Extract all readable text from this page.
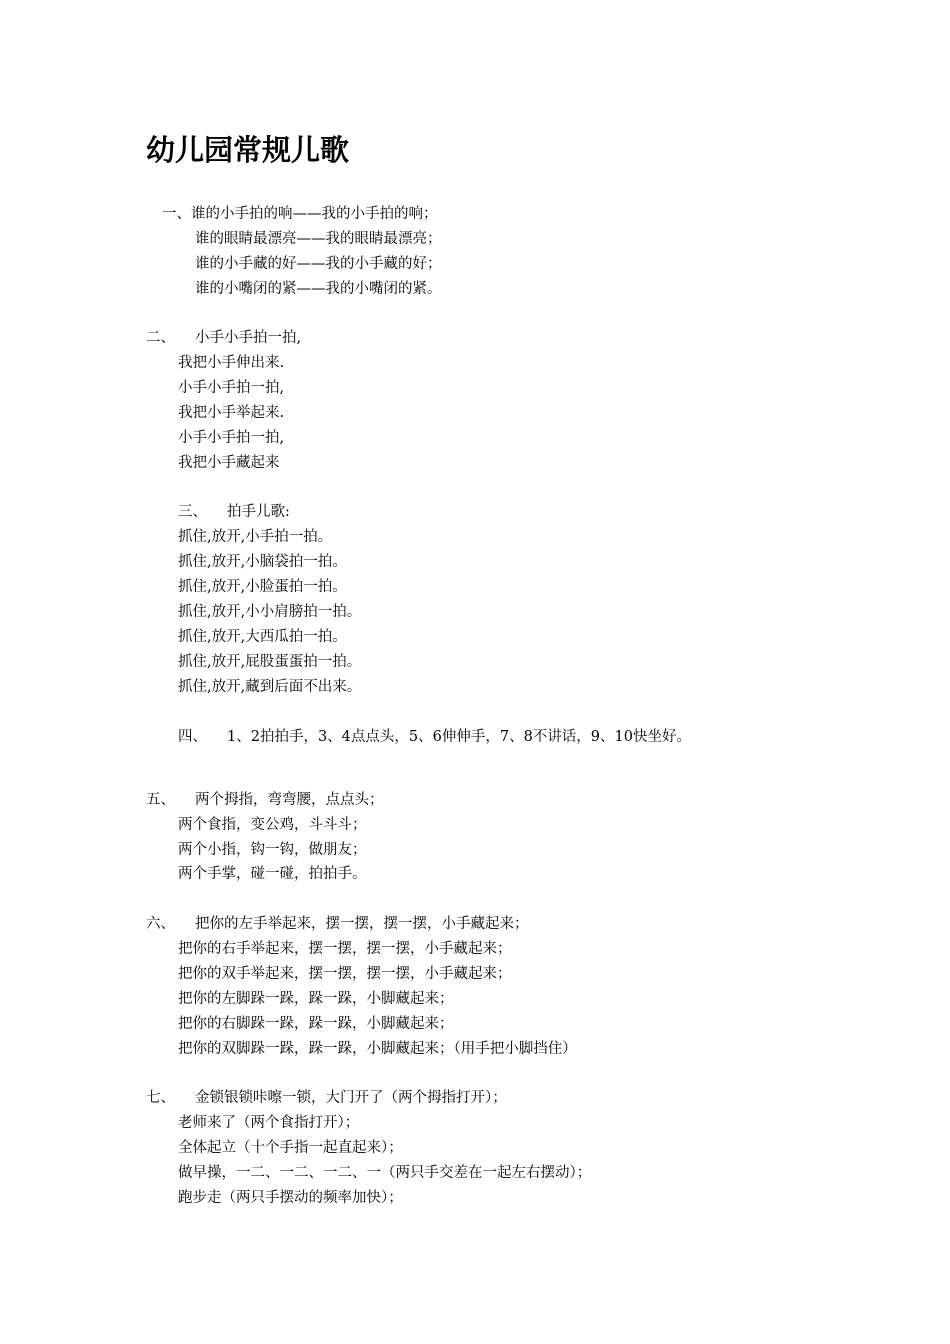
幼儿园常规儿歌
一、谁的小手拍的响——我的小手拍的响；
谁的眼睛最漂亮——我的眼睛最漂亮；
谁的小手藏的好——我的小手藏的好；
谁的小嘴闭的紧——我的小嘴闭的紧。
二、 小手小手拍一拍,
我把小手伸出来.
小手小手拍一拍,
我把小手举起来.
小手小手拍一拍,
我把小手藏起来
三、 拍手儿歌:
抓住,放开,小手拍一拍。
抓住,放开,小脑袋拍一拍。
抓住,放开,小脸蛋拍一拍。
抓住,放开,小小肩膀拍一拍。
抓住,放开,大西瓜拍一拍。
抓住,放开,屁股蛋蛋拍一拍。
抓住,放开,藏到后面不出来。
四、 1、2拍拍手，3、4点点头，5、6伸伸手，7、8不讲话，9、10快坐好。
五、 两个拇指，弯弯腰，点点头；
两个食指，变公鸡，斗斗斗；
两个小指，钩一钩，做朋友；
两个手掌，碰一碰，拍拍手。
六、 把你的左手举起来，摆一摆，摆一摆，小手藏起来；
把你的右手举起来，摆一摆，摆一摆，小手藏起来；
把你的双手举起来，摆一摆，摆一摆，小手藏起来；
把你的左脚跺一跺，跺一跺，小脚藏起来；
把你的右脚跺一跺，跺一跺，小脚藏起来；
把你的双脚跺一跺，跺一跺，小脚藏起来；（用手把小脚挡住）
七、 金锁银锁咔嚓一锁，大门开了（两个拇指打开）；
老师来了（两个食指打开）；
全体起立（十个手指一起直起来）；
做早操，一二、一二、一二、一（两只手交差在一起左右摆动）；
跑步走（两只手摆动的频率加快）；
